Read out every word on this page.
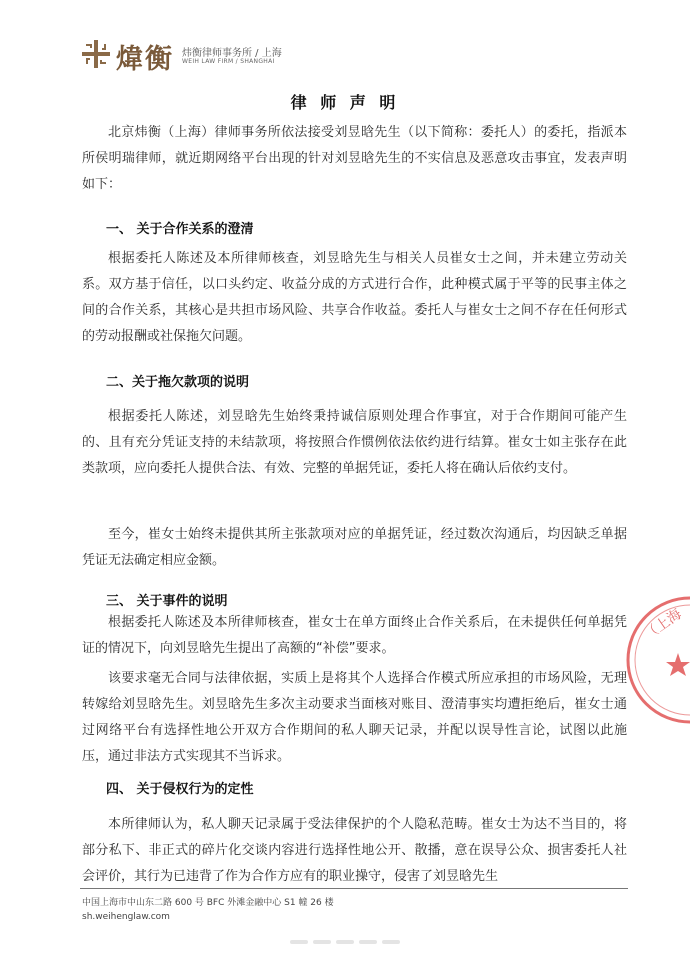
煒衡 炜衡律师事务所 / 上海
WEIH LAW FIRM / SHANGHAI
律 师 声 明

北京炜衡（上海）律师事务所依法接受刘昱晗先生（以下简称：委托人）的委托，指派本所侯明瑞律师，就近期网络平台出现的针对刘昱晗先生的不实信息及恶意攻击事宜，发表声明如下：

一、 关于合作关系的澄清

根据委托人陈述及本所律师核查，刘昱晗先生与相关人员崔女士之间，并未建立劳动关系。双方基于信任，以口头约定、收益分成的方式进行合作，此种模式属于平等的民事主体之间的合作关系，其核心是共担市场风险、共享合作收益。委托人与崔女士之间不存在任何形式的劳动报酬或社保拖欠问题。

二、关于拖欠款项的说明

根据委托人陈述，刘昱晗先生始终秉持诚信原则处理合作事宜，对于合作期间可能产生的、且有充分凭证支持的未结款项，将按照合作惯例依法依约进行结算。崔女士如主张存在此类款项，应向委托人提供合法、有效、完整的单据凭证，委托人将在确认后依约支付。

至今，崔女士始终未提供其所主张款项对应的单据凭证，经过数次沟通后，均因缺乏单据凭证无法确定相应金额。

三、 关于事件的说明

根据委托人陈述及本所律师核查，崔女士在单方面终止合作关系后，在未提供任何单据凭证的情况下，向刘昱晗先生提出了高额的“补偿”要求。

该要求毫无合同与法律依据，实质上是将其个人选择合作模式所应承担的市场风险，无理转嫁给刘昱晗先生。刘昱晗先生多次主动要求当面核对账目、澄清事实均遭拒绝后，崔女士通过网络平台有选择性地公开双方合作期间的私人聊天记录，并配以误导性言论，试图以此施压，通过非法方式实现其不当诉求。

四、 关于侵权行为的定性

本所律师认为，私人聊天记录属于受法律保护的个人隐私范畴。崔女士为达不当目的，将部分私下、非正式的碎片化交谈内容进行选择性地公开、散播，意在误导公众、损害委托人社会评价，其行为已违背了作为合作方应有的职业操守，侵害了刘昱晗先生

（上海
中国上海市中山东二路 600 号 BFC 外滩金融中心 S1 幢 26 楼
sh.weihenglaw.com
